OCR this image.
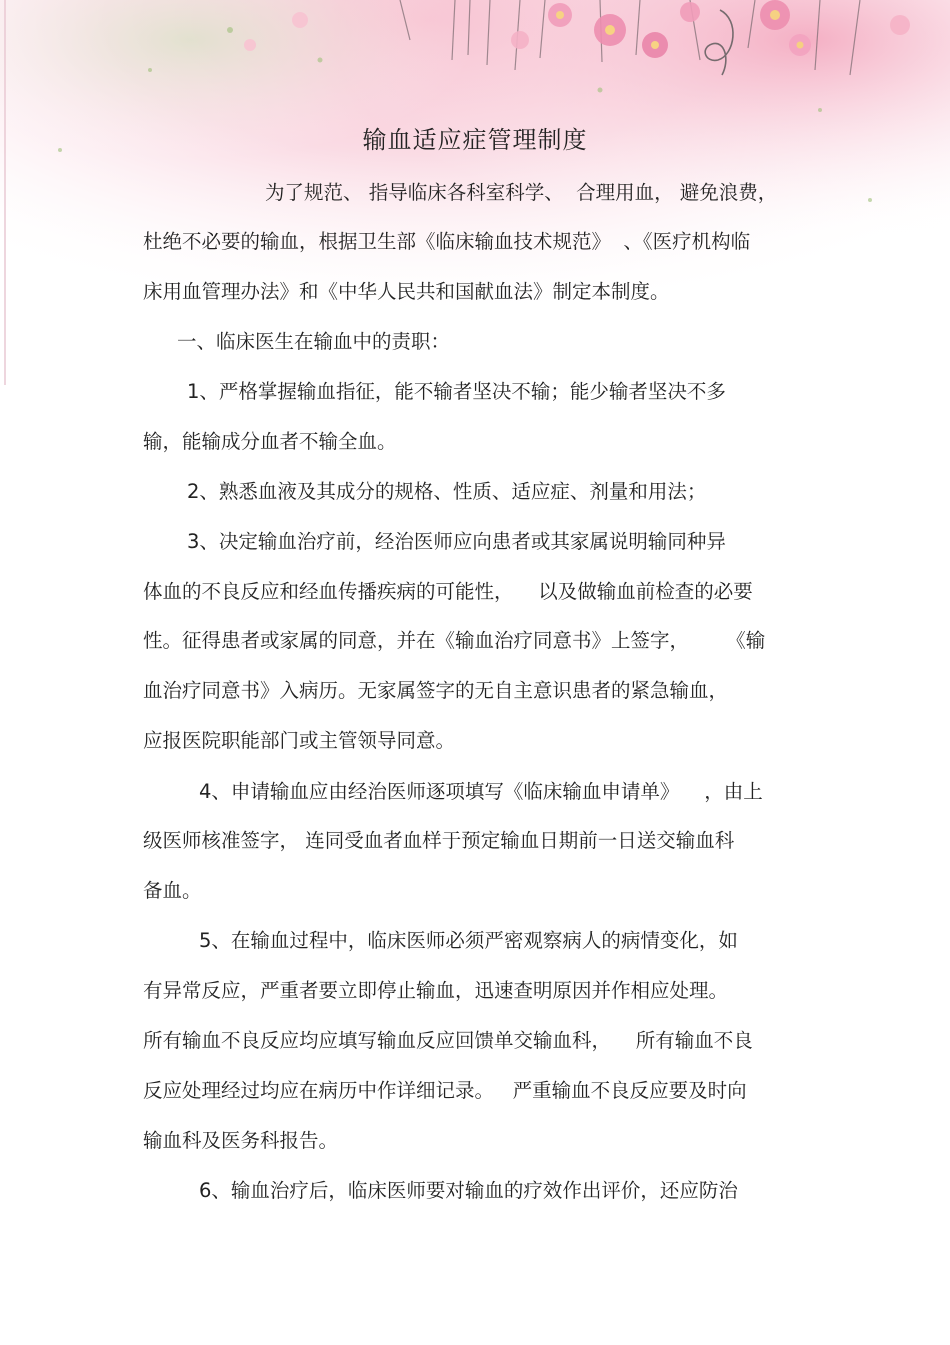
输血适应症管理制度
为了规范、 指导临床各科室科学、  合理用血， 避免浪费，
杜绝不必要的输血，根据卫生部《临床输血技术规范》  、《医疗机构临
床用血管理办法》和《中华人民共和国献血法》制定本制度。
一、临床医生在输血中的责职：
1、严格掌握输血指征，能不输者坚决不输；能少输者坚决不多
输，能输成分血者不输全血。
2、熟悉血液及其成分的规格、性质、适应症、剂量和用法；
3、决定输血治疗前，经治医师应向患者或其家属说明输同种异
体血的不良反应和经血传播疾病的可能性，    以及做输血前检查的必要
性。征得患者或家属的同意，并在《输血治疗同意书》上签字，      《输
血治疗同意书》入病历。无家属签字的无自主意识患者的紧急输血，
应报医院职能部门或主管领导同意。
4、申请输血应由经治医师逐项填写《临床输血申请单》    ，由上
级医师核准签字， 连同受血者血样于预定输血日期前一日送交输血科
备血。
5、在输血过程中，临床医师必须严密观察病人的病情变化，如
有异常反应，严重者要立即停止输血，迅速查明原因并作相应处理。
所有输血不良反应均应填写输血反应回馈单交输血科，    所有输血不良
反应处理经过均应在病历中作详细记录。   严重输血不良反应要及时向
输血科及医务科报告。
6、输血治疗后，临床医师要对输血的疗效作出评价，还应防治
